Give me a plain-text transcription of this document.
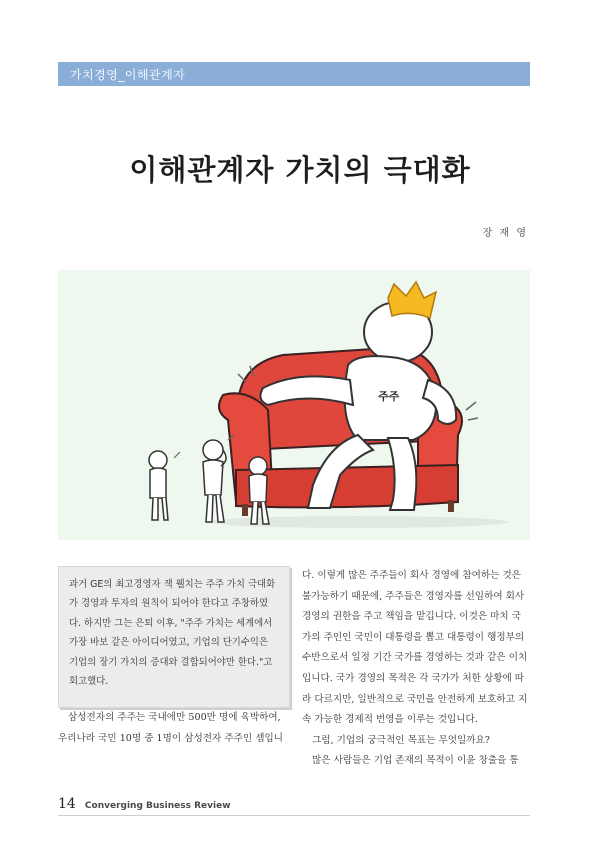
가치경영_이해관계자
이해관계자 가치의 극대화
장 재 영
주주
과거 GE의 최고경영자 잭 웰치는 주주 가치 극대화
가 경영과 투자의 원칙이 되어야 한다고 주창하였
다. 하지만 그는 은퇴 이후, "주주 가치는 세계에서
가장 바보 같은 아이디어였고, 기업의 단기수익은
기업의 장기 가치의 증대와 결합되어야만 한다."고
회고했다.

삼성전자의 주주는 국내에만 500만 명에 육박하여,

우리나라 국민 10명 중 1명이 삼성전자 주주인 셈입니

다. 이렇게 많은 주주들이 회사 경영에 참여하는 것은

불가능하기 때문에, 주주들은 경영자를 선임하여 회사

경영의 권한을 주고 책임을 맡깁니다. 이것은 마치 국

가의 주인인 국민이 대통령을 뽑고 대통령이 행정부의

수반으로서 일정 기간 국가를 경영하는 것과 같은 이치

입니다. 국가 경영의 목적은 각 국가가 처한 상황에 따

라 다르지만, 일반적으로 국민을 안전하게 보호하고 지

속 가능한 경제적 번영을 이루는 것입니다.

그럼, 기업의 궁극적인 목표는 무엇일까요?

많은 사람들은 기업 존재의 목적이 이윤 창출을 통

14 Converging Business Review
